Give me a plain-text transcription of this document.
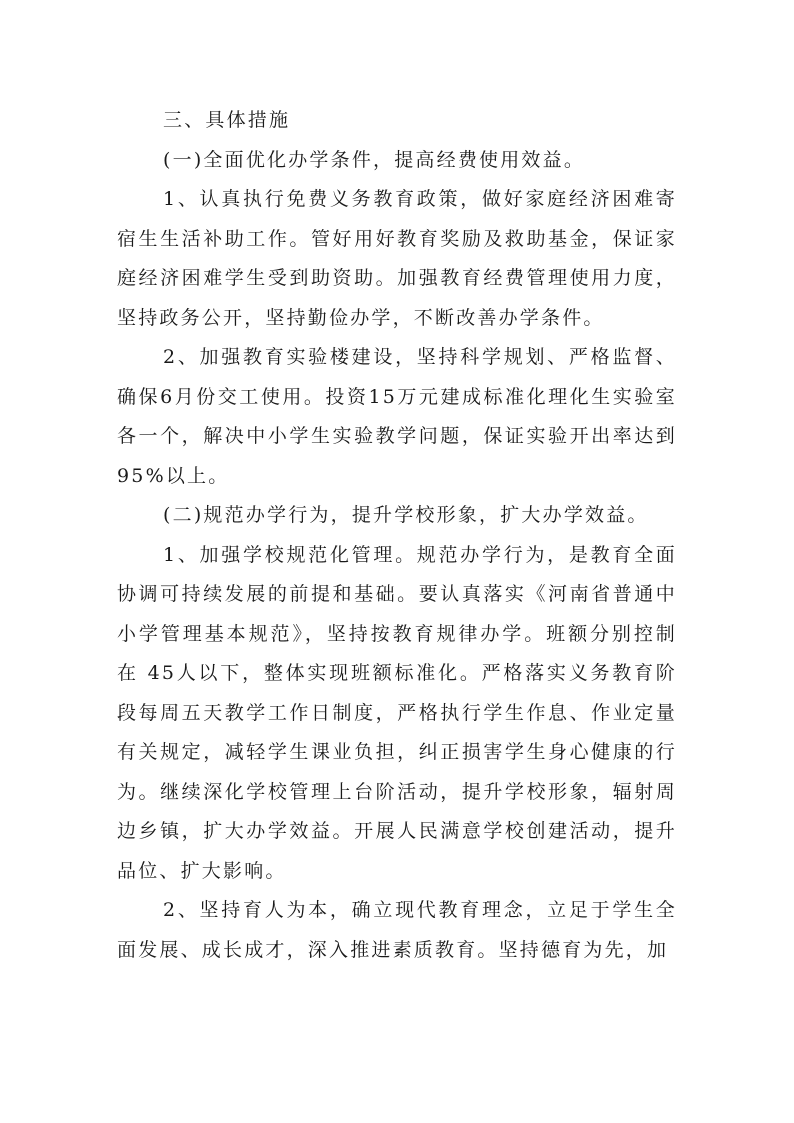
三、具体措施

(一)全面优化办学条件，提高经费使用效益。

1、认真执行免费义务教育政策，做好家庭经济困难寄宿生生活补助工作。管好用好教育奖励及救助基金，保证家庭经济困难学生受到助资助。加强教育经费管理使用力度，坚持政务公开，坚持勤俭办学，不断改善办学条件。

2、加强教育实验楼建设，坚持科学规划、严格监督、确保6月份交工使用。投资15万元建成标准化理化生实验室各一个，解决中小学生实验教学问题，保证实验开出率达到95%以上。

(二)规范办学行为，提升学校形象，扩大办学效益。

1、加强学校规范化管理。规范办学行为，是教育全面协调可持续发展的前提和基础。要认真落实《河南省普通中小学管理基本规范》，坚持按教育规律办学。班额分别控制在 45人以下，整体实现班额标准化。严格落实义务教育阶段每周五天教学工作日制度，严格执行学生作息、作业定量有关规定，减轻学生课业负担，纠正损害学生身心健康的行为。继续深化学校管理上台阶活动，提升学校形象，辐射周边乡镇，扩大办学效益。开展人民满意学校创建活动，提升品位、扩大影响。

2、坚持育人为本，确立现代教育理念，立足于学生全面发展、成长成才，深入推进素质教育。坚持德育为先，加
